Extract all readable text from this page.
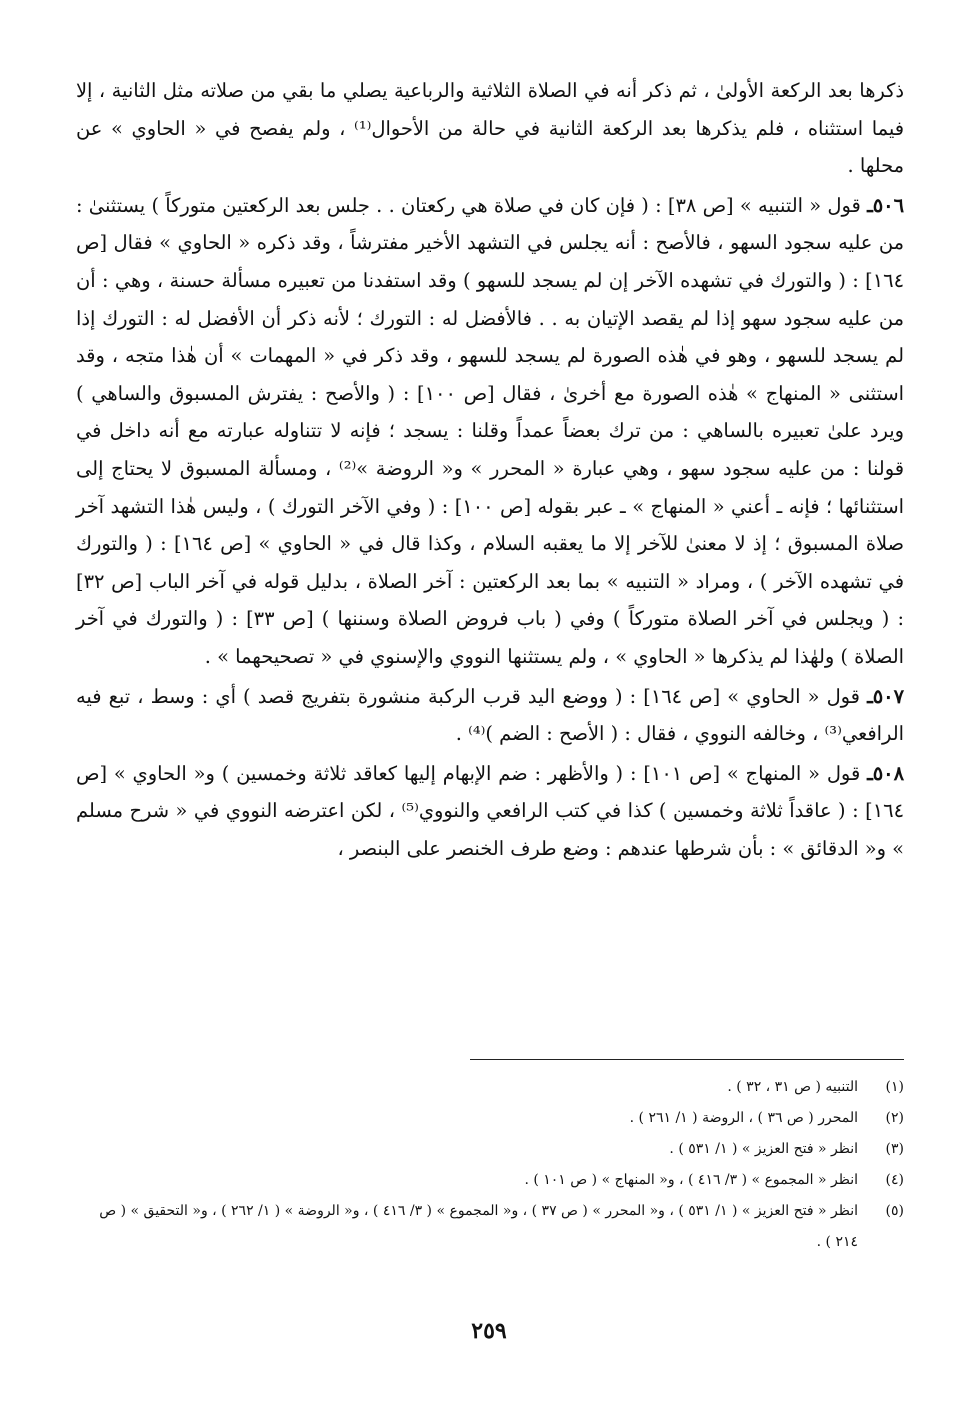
ذكرها بعد الركعة الأولىٰ ، ثم ذكر أنه في الصلاة الثلاثية والرباعية يصلي ما بقي من صلاته مثل الثانية ، إلا فيما استثناه ، فلم يذكرها بعد الركعة الثانية في حالة من الأحوال⁽¹⁾ ، ولم يفصح في « الحاوي » عن محلها .

٥٠٦ـ قول « التنبيه » [ص ٣٨] : ( فإن كان في صلاة هي ركعتان . . جلس بعد الركعتين متوركاً ) يستثنىٰ : من عليه سجود السهو ، فالأصح : أنه يجلس في التشهد الأخير مفترشاً ، وقد ذكره « الحاوي » فقال [ص ١٦٤] : ( والتورك في تشهده الآخر إن لم يسجد للسهو ) وقد استفدنا من تعبيره مسألة حسنة ، وهي : أن من عليه سجود سهو إذا لم يقصد الإتيان به . . فالأفضل له : التورك ؛ لأنه ذكر أن الأفضل له : التورك إذا لم يسجد للسهو ، وهو في هٰذه الصورة لم يسجد للسهو ، وقد ذكر في « المهمات » أن هٰذا متجه ، وقد استثنى « المنهاج » هٰذه الصورة مع أخرىٰ ، فقال [ص ١٠٠] : ( والأصح : يفترش المسبوق والساهي ) ويرد علىٰ تعبيره بالساهي : من ترك بعضاً عمداً وقلنا : يسجد ؛ فإنه لا تتناوله عبارته مع أنه داخل في قولنا : من عليه سجود سهو ، وهي عبارة « المحرر » و« الروضة »⁽²⁾ ، ومسألة المسبوق لا يحتاج إلى استثنائها ؛ فإنه ـ أعني « المنهاج » ـ عبر بقوله [ص ١٠٠] : ( وفي الآخر التورك ) ، وليس هٰذا التشهد آخر صلاة المسبوق ؛ إذ لا معنىٰ للآخر إلا ما يعقبه السلام ، وكذا قال في « الحاوي » [ص ١٦٤] : ( والتورك في تشهده الآخر ) ، ومراد « التنبيه » بما بعد الركعتين : آخر الصلاة ، بدليل قوله في آخر الباب [ص ٣٢] : ( ويجلس في آخر الصلاة متوركاً ) وفي ( باب فروض الصلاة وسننها ) [ص ٣٣] : ( والتورك في آخر الصلاة ) ولهٰذا لم يذكرها « الحاوي » ، ولم يستثنها النووي والإسنوي في « تصحيحهما » .

٥٠٧ـ قول « الحاوي » [ص ١٦٤] : ( ووضع اليد قرب الركبة منشورة بتفريج قصد ) أي : وسط ، تبع فيه الرافعي⁽³⁾ ، وخالفه النووي ، فقال : ( الأصح : الضم )⁽⁴⁾ .

٥٠٨ـ قول « المنهاج » [ص ١٠١] : ( والأظهر : ضم الإبهام إليها كعاقد ثلاثة وخمسين ) و« الحاوي » [ص ١٦٤] : ( عاقداً ثلاثة وخمسين ) كذا في كتب الرافعي والنووي⁽⁵⁾ ، لكن اعترضه النووي في « شرح مسلم » و« الدقائق » : بأن شرطها عندهم : وضع طرف الخنصر على البنصر ،

(١)
التنبيه ( ص ٣١ ، ٣٢ ) .
(٢)
المحرر ( ص ٣٦ ) ، الروضة ( ١/ ٢٦١ ) .
(٣)
انظر « فتح العزيز » ( ١/ ٥٣١ ) .
(٤)
انظر « المجموع » ( ٣/ ٤١٦ ) ، و« المنهاج » ( ص ١٠١ ) .
(٥)
انظر « فتح العزيز » ( ١/ ٥٣١ ) ، و« المحرر » ( ص ٣٧ ) ، و« المجموع » ( ٣/ ٤١٦ ) ، و« الروضة » ( ١/ ٢٦٢ ) ، و« التحقيق » ( ص ٢١٤ ) .
٢٥٩
